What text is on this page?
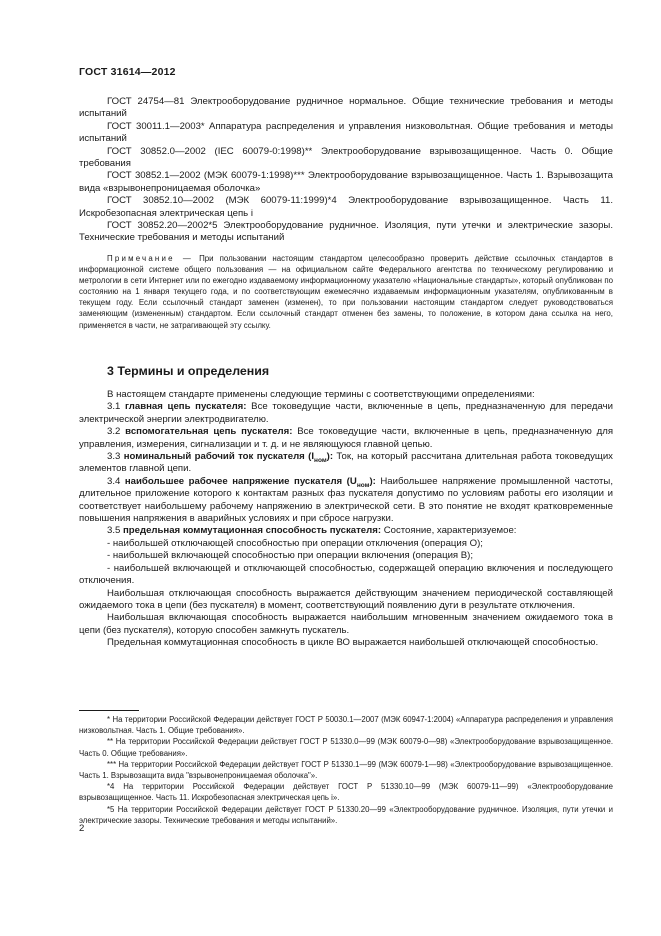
ГОСТ 31614—2012

ГОСТ 24754—81 Электрооборудование рудничное нормальное. Общие технические требования и методы испытаний

ГОСТ 30011.1—2003* Аппаратура распределения и управления низковольтная. Общие требования и методы испытаний

ГОСТ 30852.0—2002 (IEC 60079-0:1998)** Электрооборудование взрывозащищенное. Часть 0. Общие требования

ГОСТ 30852.1—2002 (МЭК 60079-1:1998)*** Электрооборудование взрывозащищенное. Часть 1. Взрывозащита вида «взрывонепроницаемая оболочка»

ГОСТ 30852.10—2002 (МЭК 60079-11:1999)*4 Электрооборудование взрывозащищенное. Часть 11. Искробезопасная электрическая цепь i

ГОСТ 30852.20—2002*5 Электрооборудование рудничное. Изоляция, пути утечки и электрические зазоры. Технические требования и методы испытаний

Примечание — При пользовании настоящим стандартом целесообразно проверить действие ссылочных стандартов в информационной системе общего пользования — на официальном сайте Федерального агентства по техническому регулированию и метрологии в сети Интернет или по ежегодно издаваемому информационному указателю «Национальные стандарты», который опубликован по состоянию на 1 января текущего года, и по соответствующим ежемесячно издаваемым информационным указателям, опубликованным в текущем году. Если ссылочный стандарт заменен (изменен), то при пользовании настоящим стандартом следует руководствоваться заменяющим (измененным) стандартом. Если ссылочный стандарт отменен без замены, то положение, в котором дана ссылка на него, применяется в части, не затрагивающей эту ссылку.

3 Термины и определения

В настоящем стандарте применены следующие термины с соответствующими определениями:

3.1 главная цепь пускателя: Все токоведущие части, включенные в цепь, предназначенную для передачи электрической энергии электродвигателю.

3.2 вспомогательная цепь пускателя: Все токоведущие части, включенные в цепь, предназначенную для управления, измерения, сигнализации и т. д. и не являющуюся главной цепью.

3.3 номинальный рабочий ток пускателя $(I_{ном})$: Ток, на который рассчитана длительная работа токоведущих элементов главной цепи.

3.4 наибольшее рабочее напряжение пускателя $(U_{ном})$: Наибольшее напряжение промышленной частоты, длительное приложение которого к контактам разных фаз пускателя допустимо по условиям работы его изоляции и соответствует наибольшему рабочему напряжению в электрической сети. В это понятие не входят кратковременные повышения напряжения в аварийных условиях и при сбросе нагрузки.

3.5 предельная коммутационная способность пускателя: Состояние, характеризуемое:

- наибольшей отключающей способностью при операции отключения (операция О);

- наибольшей включающей способностью при операции включения (операция В);

- наибольшей включающей и отключающей способностью, содержащей операцию включения и последующего отключения.

Наибольшая отключающая способность выражается действующим значением периодической составляющей ожидаемого тока в цепи (без пускателя) в момент, соответствующий появлению дуги в результате отключения.

Наибольшая включающая способность выражается наибольшим мгновенным значением ожидаемого тока в цепи (без пускателя), которую способен замкнуть пускатель.

Предельная коммутационная способность в цикле ВО выражается наибольшей отключающей способностью.

* На территории Российской Федерации действует ГОСТ Р 50030.1—2007 (МЭК 60947-1:2004) «Аппаратура распределения и управления низковольтная. Часть 1. Общие требования».

** На территории Российской Федерации действует ГОСТ Р 51330.0—99 (МЭК 60079-0—98) «Электрооборудование взрывозащищенное. Часть 0. Общие требования».

*** На территории Российской Федерации действует ГОСТ Р 51330.1—99 (МЭК 60079-1—98) «Электрооборудование взрывозащищенное. Часть 1. Взрывозащита вида "взрывонепроницаемая оболочка"».

*4 На территории Российской Федерации действует ГОСТ Р 51330.10—99 (МЭК 60079-11—99) «Электрооборудование взрывозащищенное. Часть 11. Искробезопасная электрическая цепь i».

*5 На территории Российской Федерации действует ГОСТ Р 51330.20—99 «Электрооборудование рудничное. Изоляция, пути утечки и электрические зазоры. Технические требования и методы испытаний».

2
